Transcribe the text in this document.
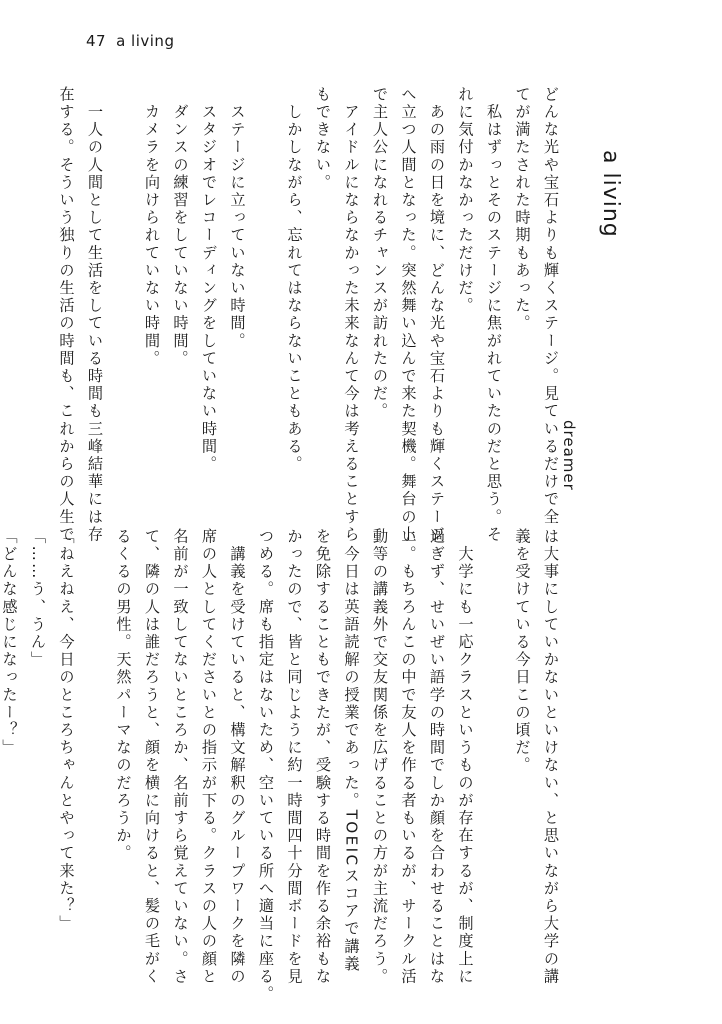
47 a living
a living
dreamer

どんな光や宝石よりも輝くステージ。見ているだけで全

てが満たされた時期もあった。

　私はずっとそのステージに焦がれていたのだと思う。そ

れに気付かなかっただけだ。

　あの雨の日を境に、どんな光や宝石よりも輝くステージ

へ立つ人間となった。突然舞い込んで来た契機。舞台の上

で主人公になれるチャンスが訪れたのだ。

　アイドルにならなかった未来なんて今は考えることすら

もできない。

　しかしながら、忘れてはならないこともある。

　ステージに立っていない時間。

　スタジオでレコーディングをしていない時間。

　ダンスの練習をしていない時間。

　カメラを向けられていない時間。

　一人の人間として生活をしている時間も三峰結華には存

在する。そういう独りの生活の時間も、これからの人生で

は大事にしていかないといけない、と思いながら大学の講

義を受けている今日この頃だ。

　大学にも一応クラスというものが存在するが、制度上に

過ぎず、せいぜい語学の時間でしか顔を合わせることはな

い。もちろんこの中で友人を作る者もいるが、サークル活

動等の講義外で交友関係を広げることの方が主流だろう。

　今日は英語読解の授業であった。TOEICスコアで講義

を免除することもできたが、受験する時間を作る余裕もな

かったので、皆と同じように約一時間四十分間ボードを見

つめる。席も指定はないため、空いている所へ適当に座る。

　講義を受けていると、構文解釈のグループワークを隣の

席の人としてくださいとの指示が下る。クラスの人の顔と

名前が一致してないところか、名前すら覚えていない。さ

て、隣の人は誰だろうと、顔を横に向けると、髪の毛がく

るくるの男性。天然パーマなのだろうか。

「ねえねえ、今日のところちゃんとやって来た？」

「……う、うん」

「どんな感じになったー？」
